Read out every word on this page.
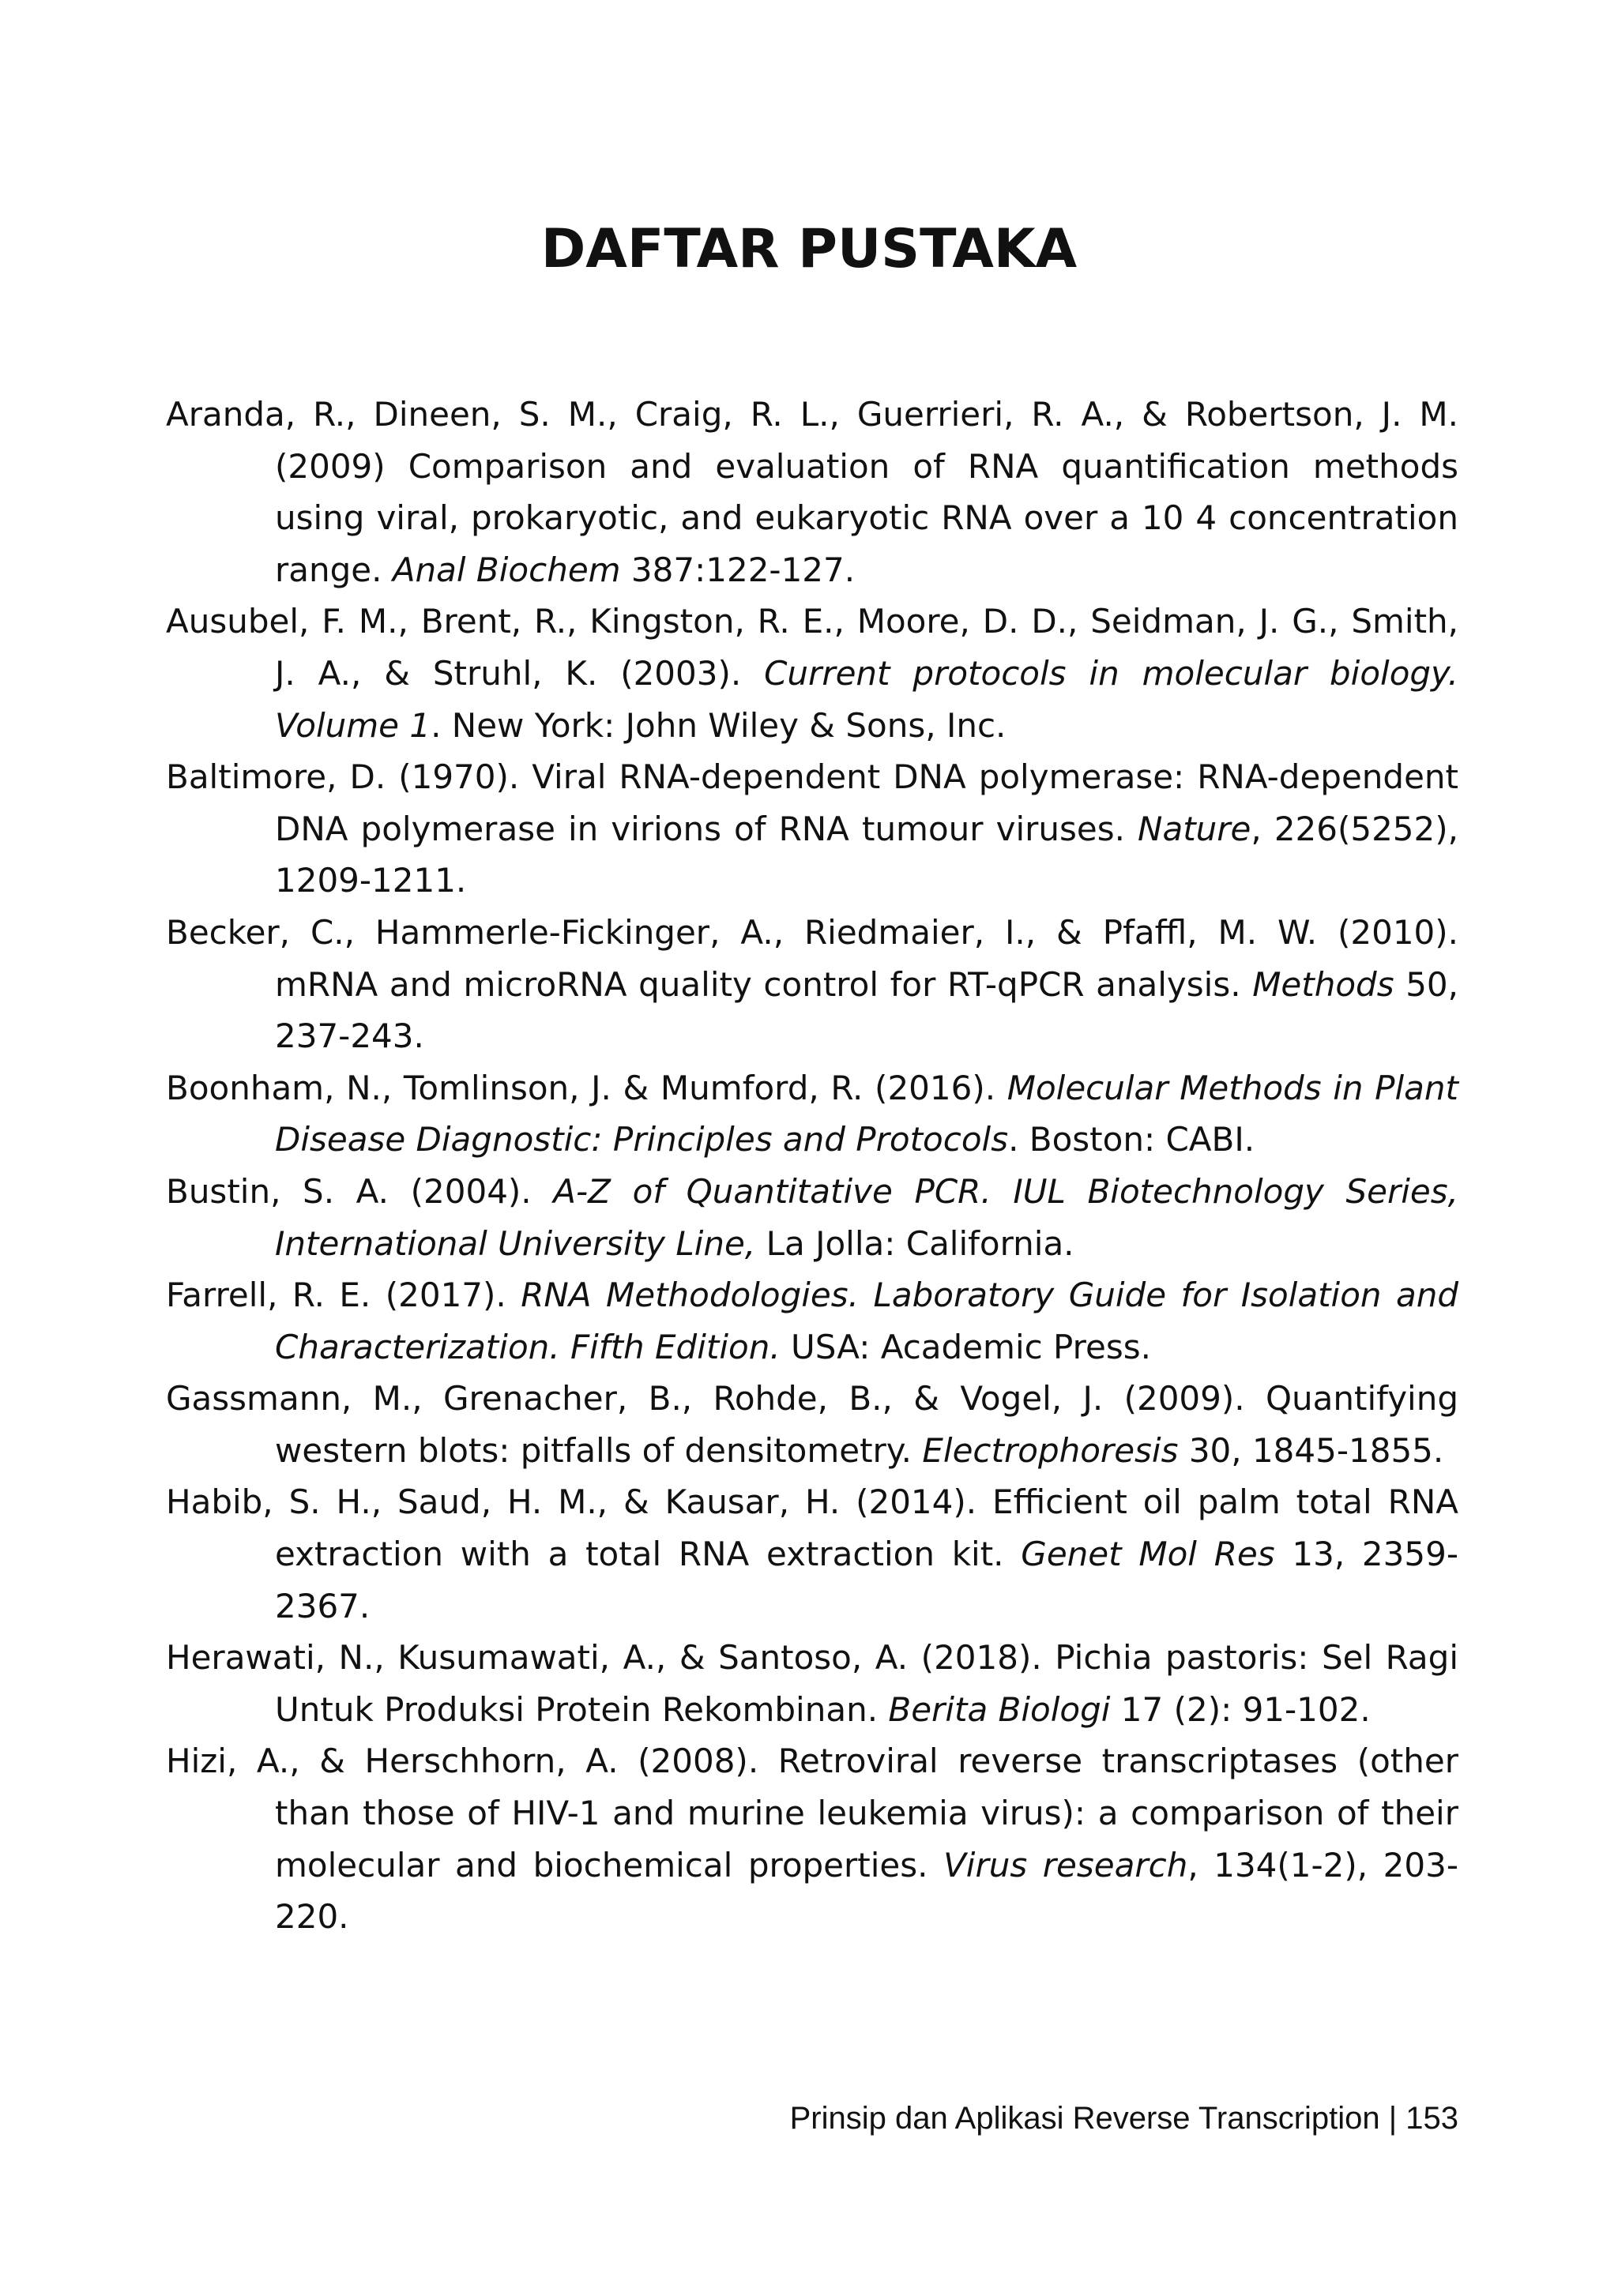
DAFTAR PUSTAKA

Aranda, R., Dineen, S. M., Craig, R. L., Guerrieri, R. A., & Robertson, J. M. (2009) Comparison and evaluation of RNA quantification methods using viral, prokaryotic, and eukaryotic RNA over a 10 4 concentration range. Anal Biochem 387:122-127.

Ausubel, F. M., Brent, R., Kingston, R. E., Moore, D. D., Seidman, J. G., Smith, J. A., & Struhl, K. (2003). Current protocols in molecular biology. Volume 1. New York: John Wiley & Sons, Inc.

Baltimore, D. (1970). Viral RNA-dependent DNA polymerase: RNA-dependent DNA polymerase in virions of RNA tumour viruses. Nature, 226(5252), 1209-1211.

Becker, C., Hammerle-Fickinger, A., Riedmaier, I., & Pfaffl, M. W. (2010). mRNA and microRNA quality control for RT-qPCR analysis. Methods 50, 237-243.

Boonham, N., Tomlinson, J. & Mumford, R. (2016). Molecular Methods in Plant Disease Diagnostic: Principles and Protocols. Boston: CABI.

Bustin, S. A. (2004). A-Z of Quantitative PCR. IUL Biotechnology Series, International University Line, La Jolla: California.

Farrell, R. E. (2017). RNA Methodologies. Laboratory Guide for Isolation and Characterization. Fifth Edition. USA: Academic Press.

Gassmann, M., Grenacher, B., Rohde, B., & Vogel, J. (2009). Quantifying western blots: pitfalls of densitometry. Electrophoresis 30, 1845-1855.

Habib, S. H., Saud, H. M., & Kausar, H. (2014). Efficient oil palm total RNA extraction with a total RNA extraction kit. Genet Mol Res 13, 2359-2367.

Herawati, N., Kusumawati, A., & Santoso, A. (2018). Pichia pastoris: Sel Ragi Untuk Produksi Protein Rekombinan. Berita Biologi 17 (2): 91-102.

Hizi, A., & Herschhorn, A. (2008). Retroviral reverse transcriptases (other than those of HIV-1 and murine leukemia virus): a comparison of their molecular and biochemical properties. Virus research, 134(1-2), 203-220.

Prinsip dan Aplikasi Reverse Transcription | 153
